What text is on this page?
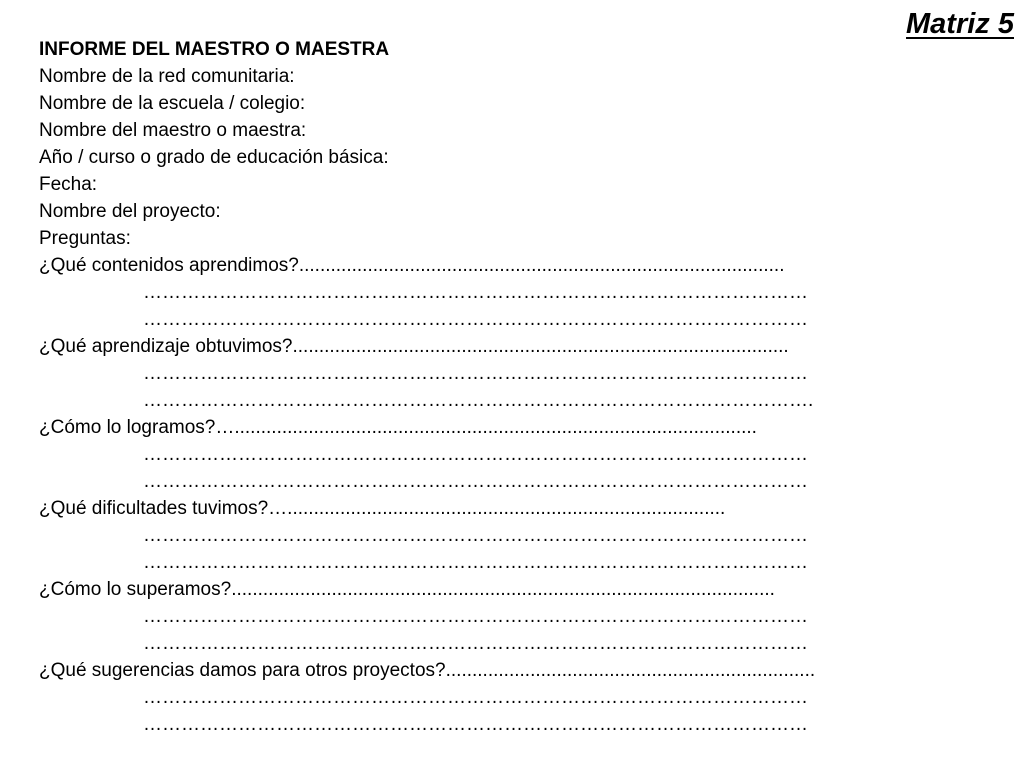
Matriz 5
INFORME DEL MAESTRO O MAESTRA
Nombre de la red comunitaria:
Nombre de la escuela / colegio:
Nombre del maestro o maestra:
Año / curso o grado de educación básica:
Fecha:
Nombre del proyecto:
Preguntas:
¿Qué contenidos aprendimos?............................................................................................
……………………………………………………………………………………………
……………………………………………………………………………………………
¿Qué aprendizaje obtuvimos?..............................................................................................
……………………………………………………………………………………………
…………………………………………………………………………………………….
¿Cómo lo logramos?…...................................................................................................
……………………………………………………………………………………………
……………………………………………………………………………………………
¿Qué dificultades tuvimos?…...................................................................................
……………………………………………………………………………………………
……………………………………………………………………………………………
¿Cómo lo superamos?.......................................................................................................
……………………………………………………………………………………………
……………………………………………………………………………………………
¿Qué sugerencias damos para otros proyectos?......................................................................
……………………………………………………………………………………………
……………………………………………………………………………………………
